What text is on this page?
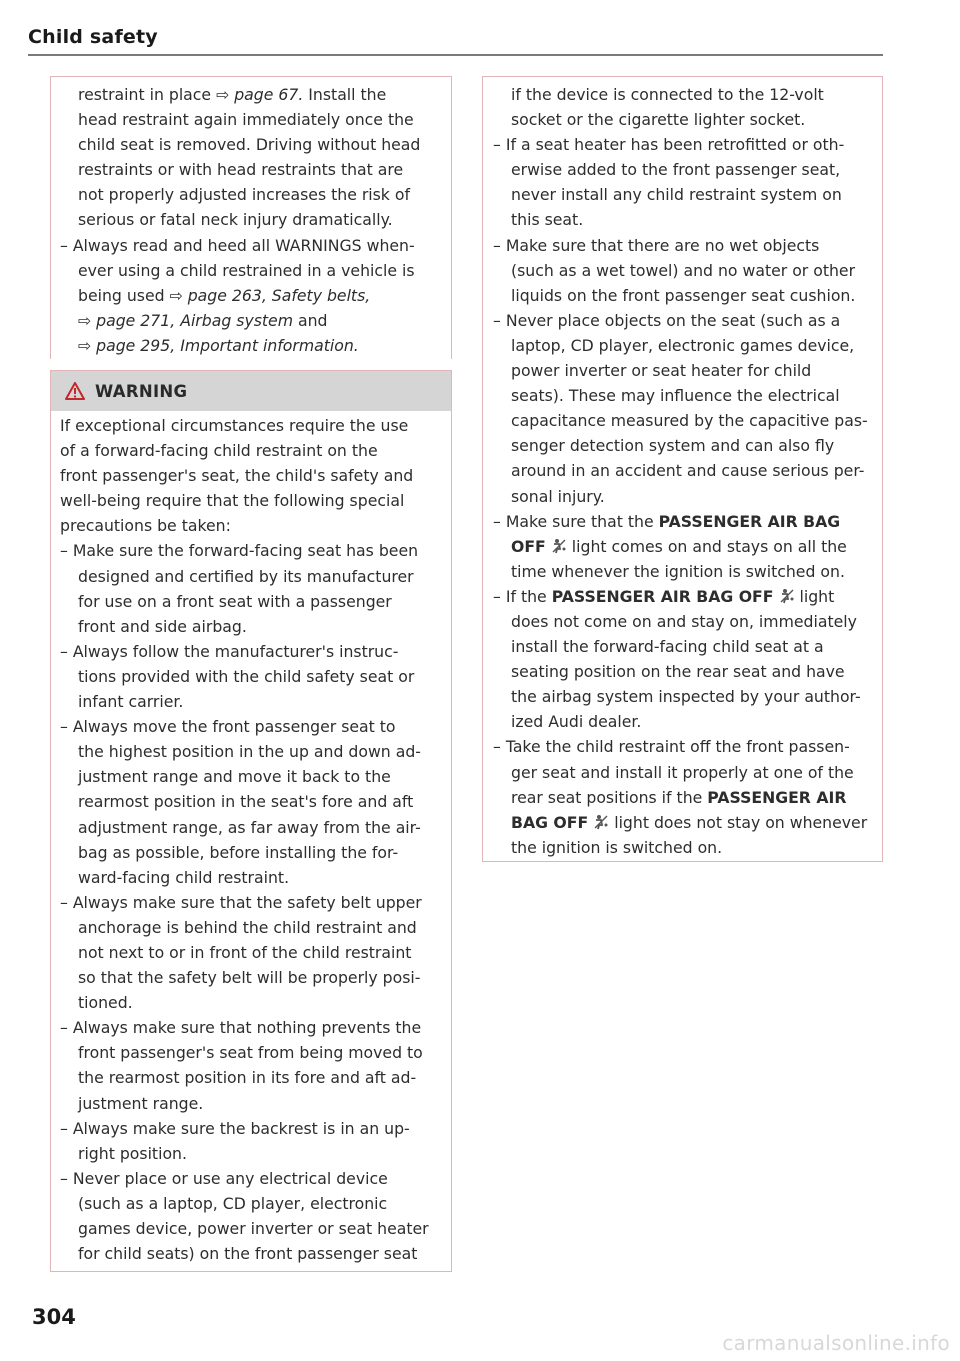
Child safety
WARNING
restraint in place ⇨ page 67. Install the
head restraint again immediately once the
child seat is removed. Driving without head
restraints or with head restraints that are
not properly adjusted increases the risk of
serious or fatal neck injury dramatically.
– Always read and heed all WARNINGS when-
ever using a child restrained in a vehicle is
being used ⇨ page 263, Safety belts,
⇨ page 271, Airbag system and
⇨ page 295, Important information.
If exceptional circumstances require the use
of a forward-facing child restraint on the
front passenger's seat, the child's safety and
well-being require that the following special
precautions be taken:
– Make sure the forward-facing seat has been
designed and certified by its manufacturer
for use on a front seat with a passenger
front and side airbag.
– Always follow the manufacturer's instruc-
tions provided with the child safety seat or
infant carrier.
– Always move the front passenger seat to
the highest position in the up and down ad-
justment range and move it back to the
rearmost position in the seat's fore and aft
adjustment range, as far away from the air-
bag as possible, before installing the for-
ward-facing child restraint.
– Always make sure that the safety belt upper
anchorage is behind the child restraint and
not next to or in front of the child restraint
so that the safety belt will be properly posi-
tioned.
– Always make sure that nothing prevents the
front passenger's seat from being moved to
the rearmost position in its fore and aft ad-
justment range.
– Always make sure the backrest is in an up-
right position.
– Never place or use any electrical device
(such as a laptop, CD player, electronic
games device, power inverter or seat heater
for child seats) on the front passenger seat
if the device is connected to the 12-volt
socket or the cigarette lighter socket.
– If a seat heater has been retrofitted or oth-
erwise added to the front passenger seat,
never install any child restraint system on
this seat.
– Make sure that there are no wet objects
(such as a wet towel) and no water or other
liquids on the front passenger seat cushion.
– Never place objects on the seat (such as a
laptop, CD player, electronic games device,
power inverter or seat heater for child
seats). These may influence the electrical
capacitance measured by the capacitive pas-
senger detection system and can also fly
around in an accident and cause serious per-
sonal injury.
– Make sure that the PASSENGER AIR BAG
OFF  light comes on and stays on all the
time whenever the ignition is switched on.
– If the PASSENGER AIR BAG OFF  light
does not come on and stay on, immediately
install the forward-facing child seat at a
seating position on the rear seat and have
the airbag system inspected by your author-
ized Audi dealer.
– Take the child restraint off the front passen-
ger seat and install it properly at one of the
rear seat positions if the PASSENGER AIR
BAG OFF  light does not stay on whenever
the ignition is switched on.
304
carmanualsonline.info
